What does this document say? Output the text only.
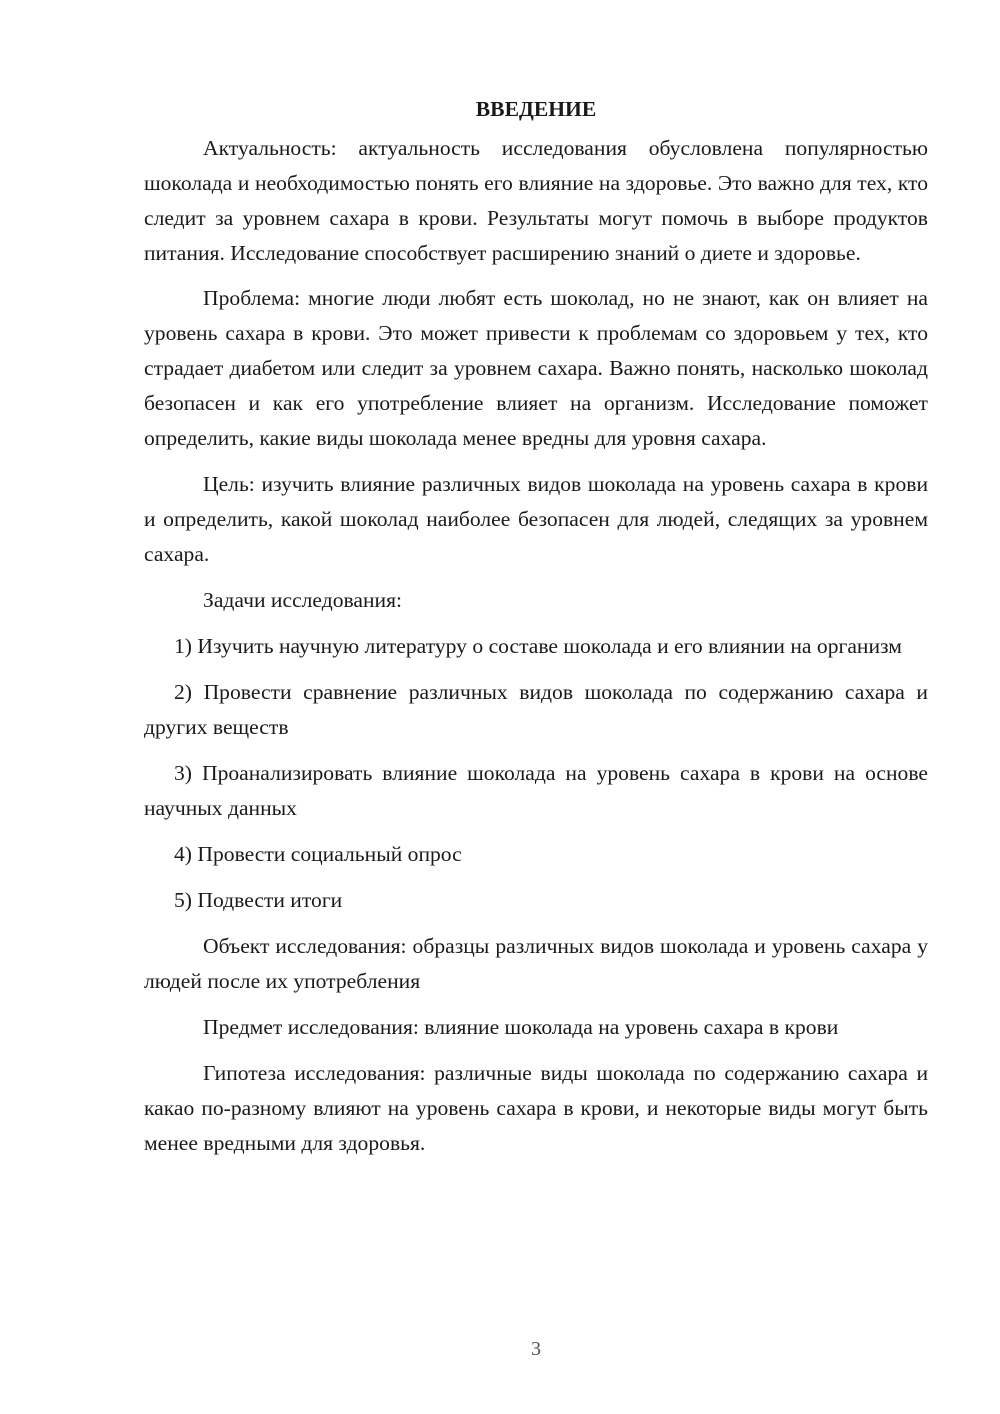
ВВЕДЕНИЕ

Актуальность: актуальность исследования обусловлена популярностью шоколада и необходимостью понять его влияние на здоровье. Это важно для тех, кто следит за уровнем сахара в крови. Результаты могут помочь в выборе продуктов питания. Исследование способствует расширению знаний о диете и здоровье.

Проблема: многие люди любят есть шоколад, но не знают, как он влияет на уровень сахара в крови. Это может привести к проблемам со здоровьем у тех, кто страдает диабетом или следит за уровнем сахара. Важно понять, насколько шоколад безопасен и как его употребление влияет на организм. Исследование поможет определить, какие виды шоколада менее вредны для уровня сахара.

Цель: изучить влияние различных видов шоколада на уровень сахара в крови и определить, какой шоколад наиболее безопасен для людей, следящих за уровнем сахара.

Задачи исследования:

1) Изучить научную литературу о составе шоколада и его влиянии на организм

2) Провести сравнение различных видов шоколада по содержанию сахара и других веществ

3) Проанализировать влияние шоколада на уровень сахара в крови на основе научных данных

4) Провести социальный опрос

5) Подвести итоги

Объект исследования: образцы различных видов шоколада и уровень сахара у людей после их употребления

Предмет исследования: влияние шоколада на уровень сахара в крови

Гипотеза исследования: различные виды шоколада по содержанию сахара и какао по-разному влияют на уровень сахара в крови, и некоторые виды могут быть менее вредными для здоровья.

3
